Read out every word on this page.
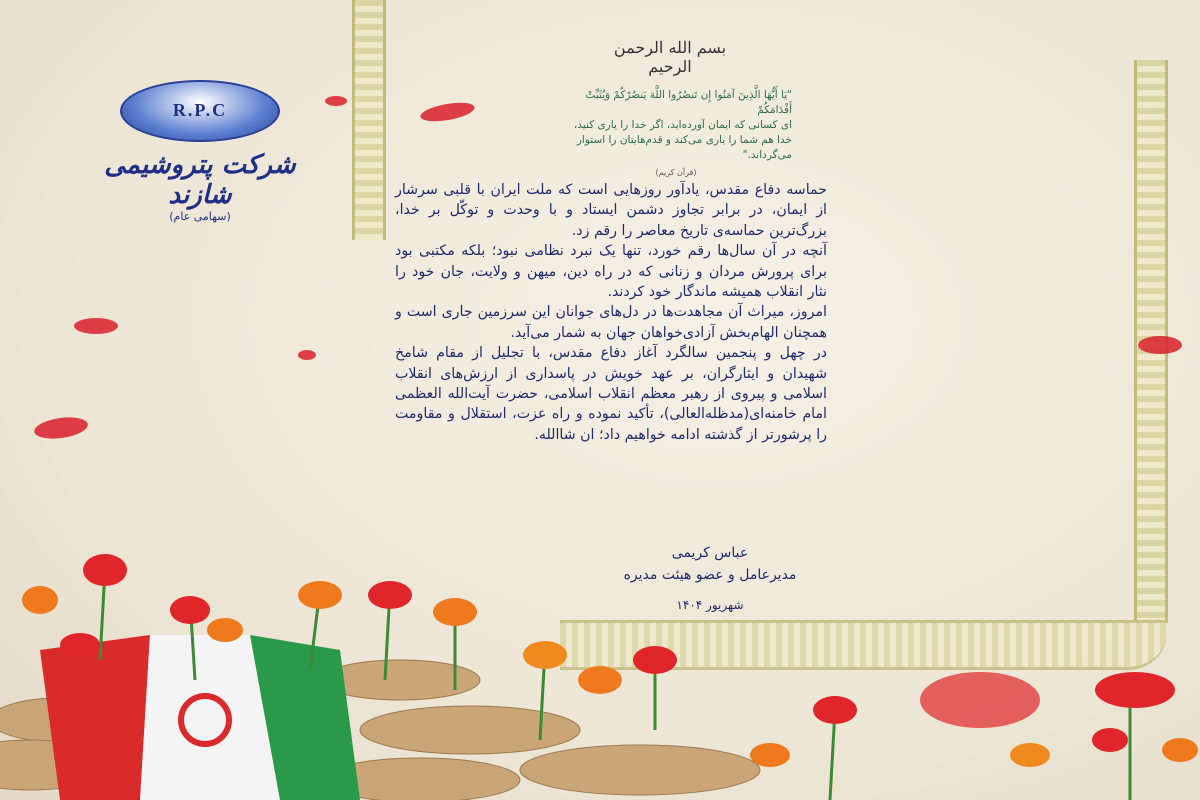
R.P.C
شرکت پتروشیمی شازند
(سهامی عام)
بسم الله الرحمن الرحیم
"يَا أَيُّهَا الَّذِينَ آمَنُوا إِن تَنصُرُوا اللَّهَ يَنصُرْكُمْ وَيُثَبِّتْ أَقْدَامَكُمْ
ای کسانی که ایمان آورده‌اید، اگر خدا را یاری کنید، خدا هم شما را یاری می‌کند و قدم‌هایتان را استوار می‌گرداند."
(قرآن کریم)

حماسه دفاع مقدس، یادآور روزهایی است که ملت ایران با قلبی سرشار از ایمان، در برابر تجاوز دشمن ایستاد و با وحدت و توکّل بر خدا، بزرگ‌ترین حماسه‌ی تاریخ معاصر را رقم زد.

آنچه در آن سال‌ها رقم خورد، تنها یک نبرد نظامی نبود؛ بلکه مکتبی بود برای پرورش مردان و زنانی که در راه دین، میهن و ولایت، جان خود را نثار انقلاب همیشه ماندگار خود کردند.

امروز، میراث آن مجاهدت‌ها در دل‌های جوانان این سرزمین جاری است و همچنان الهام‌بخش آزادی‌خواهان جهان به شمار می‌آید.

در چهل و پنجمین سالگرد آغاز دفاع مقدس، با تجلیل از مقام شامخ شهیدان و ایثارگران، بر عهد خویش در پاسداری از ارزش‌های انقلاب اسلامی و پیروی از رهبر معظم انقلاب اسلامی، حضرت آیت‌الله العظمی امام خامنه‌ای(مدظله‌العالی)، تأکید نموده و راه عزت، استقلال و مقاومت را پرشورتر از گذشته ادامه خواهیم داد؛ ان شاالله.

عباس کریمی
مدیرعامل و عضو هیئت مدیره
شهریور ۱۴۰۴
